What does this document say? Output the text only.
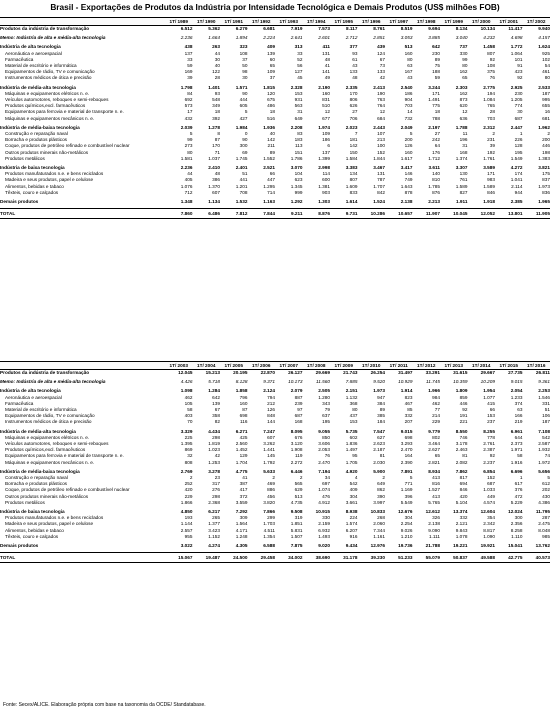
Brasil - Exportações de Produtos da Indústria por Intensidade Tecnológica e Demais Produtos (US$ milhões FOB)
	1T/ 1989	1T/ 1990	1T/ 1991	1T/ 1992	1T/ 1993	1T/ 1994	1T/ 1995	1T/ 1996	1T/ 1997	1T/ 1998	1T/ 1999	1T/ 2000	1T/ 2001	1T/ 2002
Produtos da indústria de transformação	6.512	5.362	6.279	6.681	7.919	7.573	8.117	8.761	8.519	9.694	8.134	10.134	11.417	9.940

Memo: Indústria de alta e média-alta tecnologia	2.236	1.664	1.894	2.224	2.641	2.601	2.712	2.851	3.053	3.885	3.040	4.232	4.698	4.157

Indústria de alta tecnologia	438	263	323	409	313	411	377	439	513	642	737	1.458	1.772	1.624
Aeronáutica e aeroespacial	137	44	108	139	33	131	93	124	160	230	330	807	1.064	925
Farmacêutica	33	30	37	60	52	48	61	67	80	89	99	92	101	102
Material de escritório e informática	59	40	50	65	56	41	43	73	63	75	80	108	91	54
Equipamentos de rádio, TV e comunicação	169	122	98	109	127	141	133	133	167	188	162	375	423	461
Instrumentos médicos de ótica e precisão	39	28	30	37	45	49	48	42	43	59	65	76	92	80

Indústria de média-alta tecnologia	1.798	1.401	1.571	1.815	2.328	2.190	2.335	2.413	2.540	3.244	2.303	2.775	2.925	2.533
Máquinas e equipamentos elétricos n. e.	84	93	90	120	153	160	170	190	186	171	162	194	230	187
Veículos automotores, reboques e semi-reboques	692	548	444	675	931	831	806	763	904	1.491	873	1.084	1.205	995
Produtos químicos,excl. farmacêuticos	573	349	605	486	563	510	626	764	703	775	620	765	774	655
Equipamentos para ferrovia e material de transporte n. e.	17	18	5	18	31	12	27	12	14	18	12	28	30	16
Máquinas e equipamentos mecânicos n. e.	432	392	427	516	649	677	706	684	732	788	636	703	687	681

Indústria de média-baixa tecnologia	2.039	1.278	1.984	1.936	2.208	1.974	2.023	2.443	2.049	2.197	1.788	2.312	2.447	1.962
Construção e reparação naval	5	8	0	40	83	109	7	107	5	27	11	2	1	2
Borracha e produtos plásticos	99	87	90	142	183	186	181	213	200	242	196	231	226	200
Coque, produtos de petróleo refinado e combustível nuclear	273	170	300	211	113	6	142	100	126	64	31	39	128	446
Outros produtos minerais não-metálicos	80	71	69	89	151	137	150	152	160	176	168	192	195	198
Produtos metálicos	1.581	1.037	1.745	1.552	1.786	1.399	1.584	1.844	1.617	1.712	1.374	1.761	1.549	1.383

Indústria de baixa tecnologia	2.236	2.410	2.401	2.521	3.070	2.998	3.383	3.467	3.417	3.611	3.307	3.589	4.272	3.821
Produtos manufaturados n.e. e bens reciclados	44	48	51	66	104	114	134	131	146	140	130	171	174	175
Madeira e seus produtos, papel e celulose	405	386	441	447	623	600	807	787	749	810	761	983	1.041	837
Alimentos, bebidas e tabaco	1.076	1.370	1.201	1.295	1.345	1.381	1.609	1.707	1.643	1.785	1.589	1.589	2.114	1.973
Têxteis, couro e calçados	712	607	708	714	999	903	833	842	878	876	827	846	944	836

Demais produtos	1.348	1.134	1.532	1.163	1.292	1.303	1.614	1.524	2.138	2.213	1.911	1.918	2.385	1.965

TOTAL	7.860	6.486	7.812	7.844	9.211	8.876	9.731	10.286	10.657	11.907	10.045	12.052	13.801	11.905
	1T/ 2003	1T/ 2004	1T/ 2005	1T/ 2006	1T/ 2007	1T/ 2008	1T/ 2009	1T/ 2010	1T/ 2011	1T/ 2012	1T/ 2013	1T/ 2014	1T/ 2015	1T/ 2016
Produtos da indústria de transformação	12.045	15.213	20.195	22.870	26.127	29.669	21.743	26.254	31.497	33.291	31.615	29.667	27.735	26.811

Memo: Indústria de alta e média-alta tecnologia	4.426	5.718	8.128	9.371	10.173	11.560	7.885	9.520	10.929	11.745	10.359	10.209	9.015	9.361

Indústria de alta tecnologia	1.098	1.284	1.858	2.124	2.079	2.505	2.151	1.973	1.914	1.966	1.809	1.954	2.054	2.253
Aeronáutica e aeroespacial	462	642	796	794	887	1.280	1.132	947	823	984	859	1.077	1.233	1.546
Farmacêutica	105	139	160	212	239	343	368	384	467	462	446	415	374	331
Material de escritório e informática	58	67	87	126	97	79	80	89	85	77	92	66	63	51
Equipamentos de rádio, TV e comunicação	403	358	698	848	687	637	437	385	332	214	191	153	166	106
Instrumentos médicos de ótica e precisão	70	82	116	144	168	195	153	184	207	229	221	237	219	187

Indústria de média-alta tecnologia	3.329	4.434	6.271	7.247	8.095	9.055	5.735	7.547	9.015	9.779	8.550	8.255	6.961	7.108
Máquinas e equipamentos elétricos n. e.	225	298	425	607	676	850	602	627	698	802	746	778	644	542
Veículos automotores, reboques e semi-reboques	1.395	1.819	2.560	3.262	3.120	3.606	1.836	2.623	3.293	3.464	3.178	2.761	2.373	2.587
Produtos químicos,excl. farmacêuticos	869	1.023	1.452	1.441	1.908	2.053	1.497	2.187	2.470	2.627	2.463	2.387	1.971	1.932
Equipamentos para ferrovia e material de transporte n. e.	32	42	129	145	119	76	95	81	164	65	81	92	58	74
Máquinas e equipamentos mecânicos n. e.	808	1.253	1.704	1.792	2.272	2.470	1.705	2.030	2.390	2.821	2.082	2.237	1.916	1.972

Indústria de média-baixa tecnologia	2.769	3.278	4.775	5.633	6.446	7.194	4.920	5.900	7.891	8.934	7.862	6.854	6.696	5.656
Construção e reparação naval	2	23	41	2	2	34	4	2	5	413	817	152	1	5
Borracha e produtos plásticos	252	317	387	469	565	697	542	649	771	816	694	687	617	612
Coque, produtos de petróleo refinado e combustível nuclear	420	276	417	886	629	1.074	409	862	1.169	1.527	846	1.033	376	202
Outros produtos minerais não-metálicos	229	298	372	456	513	476	304	390	396	413	420	449	472	430
Produtos metálicos	1.866	2.368	3.559	3.820	4.735	4.912	3.661	3.997	5.549	5.765	5.104	4.574	5.229	4.386

Indústria de baixa tecnologia	4.850	6.217	7.292	7.866	9.508	10.915	8.938	10.833	12.676	12.612	13.374	12.604	12.024	11.795
Produtos manufaturados n.e. e bens reciclados	193	265	309	299	319	330	224	268	304	326	332	354	300	287
Madeira e seus produtos, papel e celulose	1.144	1.377	1.564	1.703	1.851	2.159	1.574	2.060	2.254	2.138	2.121	2.342	2.356	2.475
Alimentos, bebidas e tabaco	2.557	3.423	4.171	4.511	5.831	6.932	6.207	7.344	9.026	9.090	9.843	8.817	8.258	8.048
Têxteis, couro e calçados	955	1.152	1.248	1.354	1.507	1.493	916	1.161	1.210	1.111	1.078	1.090	1.110	985

Demais produtos	3.022	4.274	4.305	6.588	7.875	9.020	9.434	12.976	19.736	21.788	19.221	19.921	15.041	13.762

TOTAL	15.067	19.487	24.500	29.458	34.002	38.690	31.178	39.230	51.233	55.079	50.837	49.588	42.775	40.573
Fonte: Secex/ALICE. Elaboração própria com base na taxonomia da OCDE/ Standatabase.
